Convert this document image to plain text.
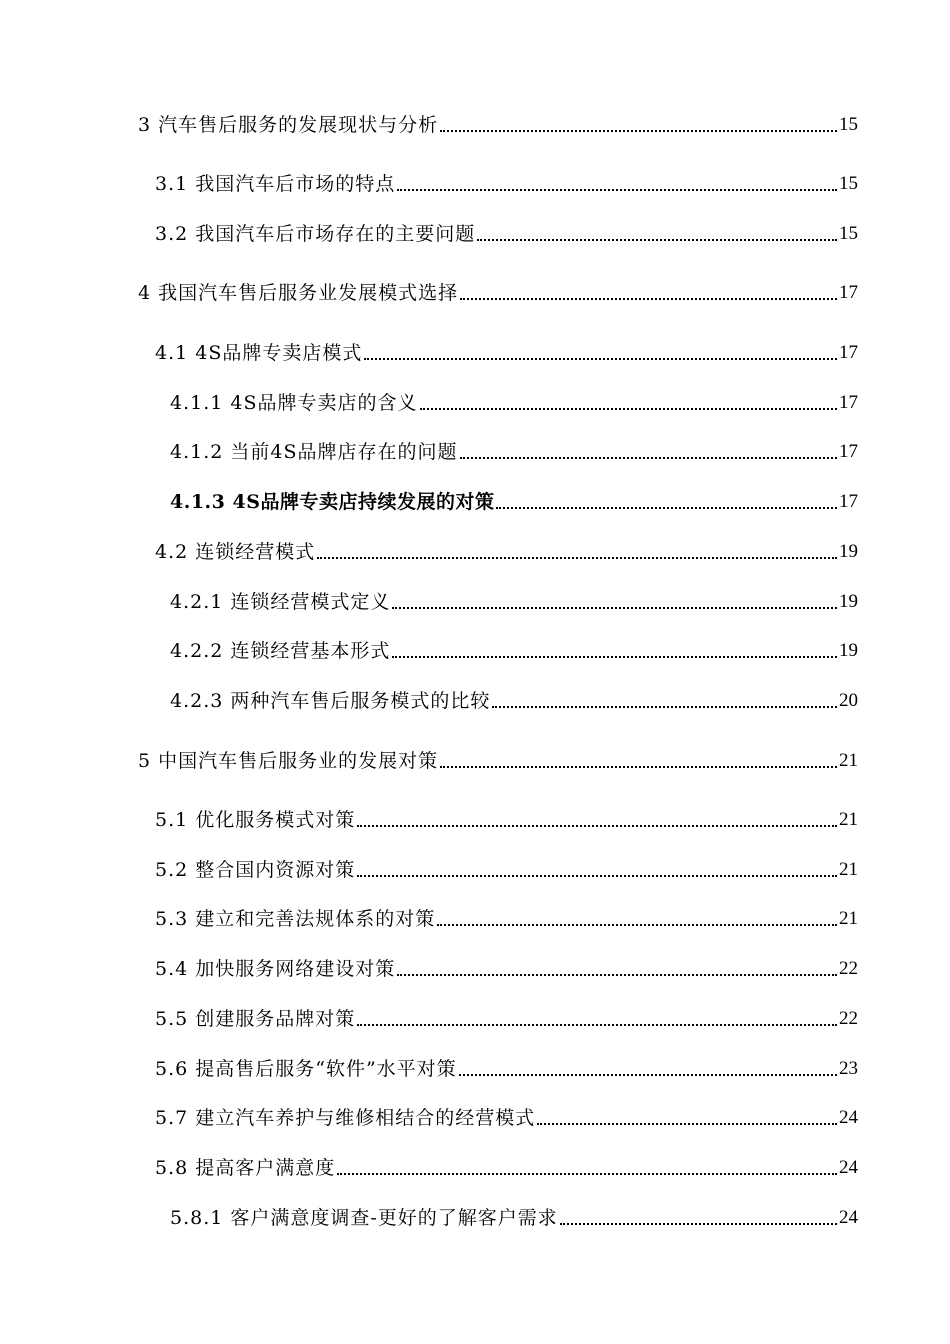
3 汽车售后服务的发展现状与分析	15
3.1 我国汽车后市场的特点	15
3.2 我国汽车后市场存在的主要问题	15
4 我国汽车售后服务业发展模式选择	17
4.1 4S品牌专卖店模式	17
4.1.1 4S品牌专卖店的含义	17
4.1.2 当前4S品牌店存在的问题	17
4.1.3 4S品牌专卖店持续发展的对策	17
4.2 连锁经营模式	19
4.2.1 连锁经营模式定义	19
4.2.2 连锁经营基本形式	19
4.2.3 两种汽车售后服务模式的比较	20
5 中国汽车售后服务业的发展对策	21
5.1 优化服务模式对策	21
5.2 整合国内资源对策	21
5.3 建立和完善法规体系的对策	21
5.4 加快服务网络建设对策	22
5.5 创建服务品牌对策	22
5.6 提高售后服务“软件”水平对策	23
5.7 建立汽车养护与维修相结合的经营模式	24
5.8 提高客户满意度	24
5.8.1 客户满意度调查-更好的了解客户需求	24
